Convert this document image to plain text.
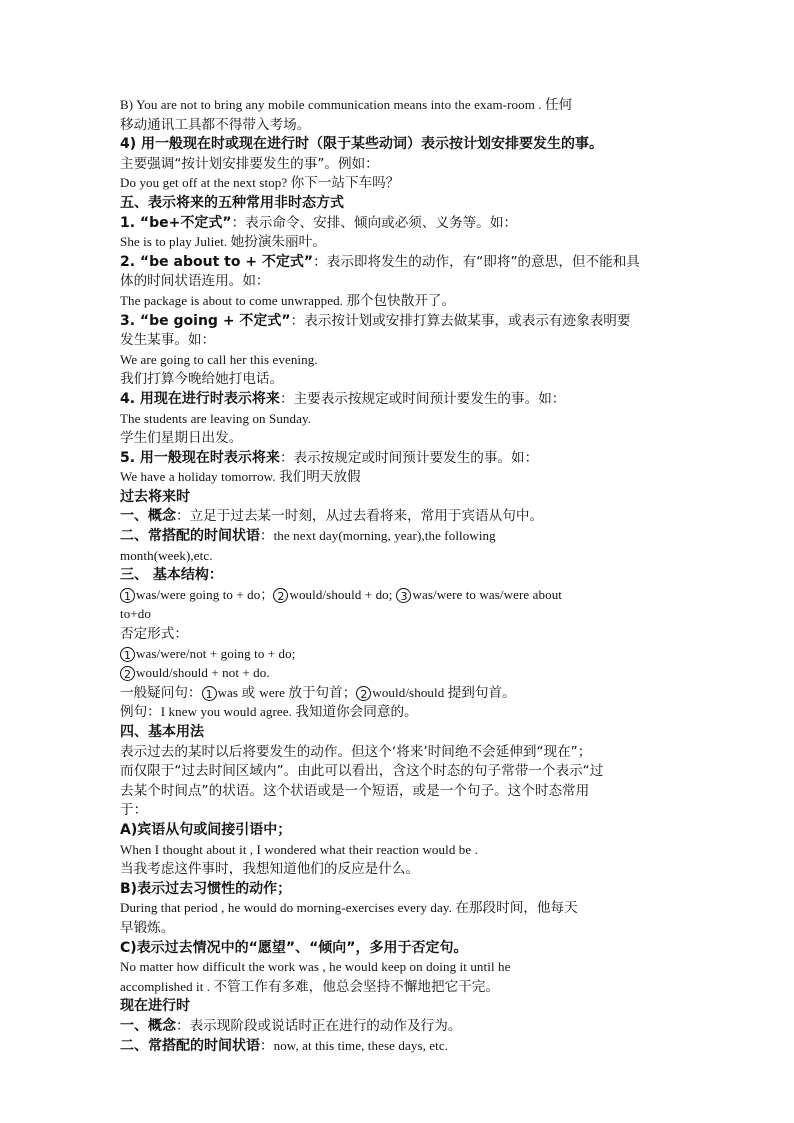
B) You are not to bring any mobile communication means into the exam-room . 任何
移动通讯工具都不得带入考场。
4) 用一般现在时或现在进行时（限于某些动词）表示按计划安排要发生的事。
主要强调“按计划安排要发生的事”。例如：
Do you get off at the next stop? 你下一站下车吗？
五、表示将来的五种常用非时态方式
1. “be+不定式”：表示命令、安排、倾向或必须、义务等。如：
She is to play Juliet. 她扮演朱丽叶。
2. “be about to + 不定式”：表示即将发生的动作，有“即将”的意思，但不能和具
体的时间状语连用。如：
The package is about to come unwrapped. 那个包快散开了。
3. “be going + 不定式”：表示按计划或安排打算去做某事，或表示有迹象表明要
发生某事。如：
We are going to call her this evening.
我们打算今晚给她打电话。
4. 用现在进行时表示将来：主要表示按规定或时间预计要发生的事。如：
The students are leaving on Sunday.
学生们星期日出发。
5. 用一般现在时表示将来：表示按规定或时间预计要发生的事。如：
We have a holiday tomorrow. 我们明天放假
过去将来时
一、概念：立足于过去某一时刻，从过去看将来，常用于宾语从句中。
二、常搭配的时间状语：the next day(morning, year),the following
month(week),etc.
三、 基本结构：
1 was/were going to + do； 2 would/should + do; 3 was/were to was/were about
to+do
否定形式：
1 was/were/not + going to + do;
2 would/should + not + do.
一般疑问句： 1 was 或 were 放于句首； 2 would/should 提到句首。
例句：I knew you would agree. 我知道你会同意的。
四、基本用法
表示过去的某时以后将要发生的动作。但这个‘将来’时间绝不会延伸到“现在”；
而仅限于“过去时间区域内”。由此可以看出，含这个时态的句子常带一个表示“过
去某个时间点”的状语。这个状语或是一个短语，或是一个句子。这个时态常用
于：
A)宾语从句或间接引语中；
When I thought about it , I wondered what their reaction would be .
当我考虑这件事时，我想知道他们的反应是什么。
B)表示过去习惯性的动作；
During that period , he would do morning-exercises every day. 在那段时间，他每天
早锻炼。
C)表示过去情况中的“愿望”、“倾向”，多用于否定句。
No matter how difficult the work was , he would keep on doing it until he
accomplished it . 不管工作有多难，他总会坚持不懈地把它干完。
现在进行时
一、概念：表示现阶段或说话时正在进行的动作及行为。
二、常搭配的时间状语：now, at this time, these days, etc.
